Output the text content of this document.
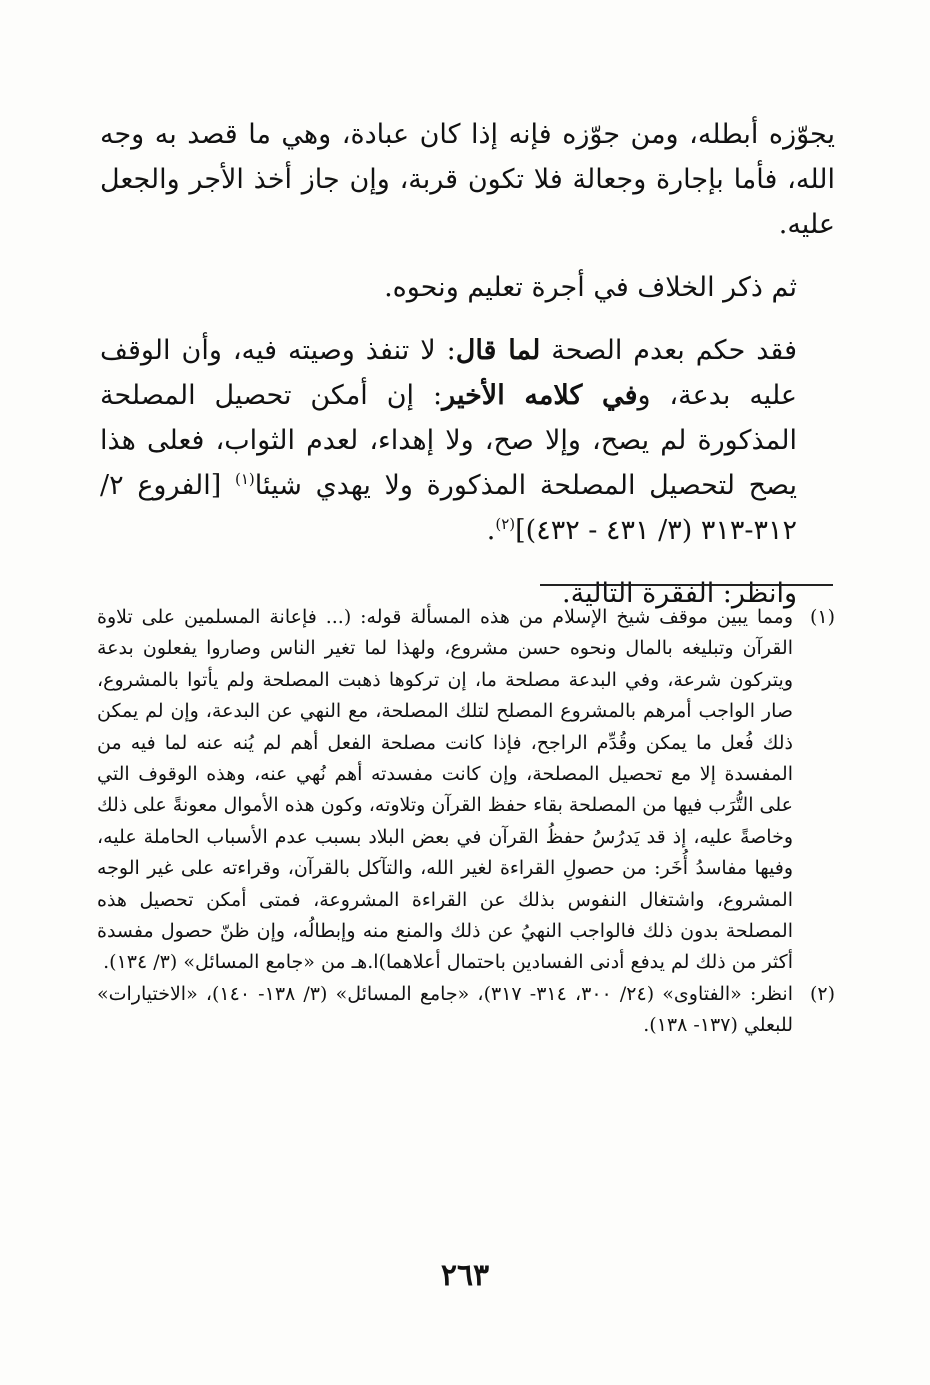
يجوّزه أبطله، ومن جوّزه فإنه إذا كان عبادة، وهي ما قصد به وجه الله، فأما بإجارة وجعالة فلا تكون قربة، وإن جاز أخذ الأجر والجعل عليه.

ثم ذكر الخلاف في أجرة تعليم ونحوه.

فقد حكم بعدم الصحة لما قال: لا تنفذ وصيته فيه، وأن الوقف عليه بدعة، وفي كلامه الأخير: إن أمكن تحصيل المصلحة المذكورة لم يصح، وإلا صح، ولا إهداء، لعدم الثواب، فعلى هذا يصح لتحصيل المصلحة المذكورة ولا يهدي شيئا$^{(١)}$ [الفروع ٢/ ٣١٢-٣١٣ (٣/ ٤٣١ - ٤٣٢)]$^{(٢)}$.

وانظر: الفقرة التالية.

(١)
ومما يبين موقف شيخ الإسلام من هذه المسألة قوله: (... فإعانة المسلمين على تلاوة القرآن وتبليغه بالمال ونحوه حسن مشروع، ولهذا لما تغير الناس وصاروا يفعلون بدعة ويتركون شرعة، وفي البدعة مصلحة ما، إن تركوها ذهبت المصلحة ولم يأتوا بالمشروع، صار الواجب أمرهم بالمشروع المصلح لتلك المصلحة، مع النهي عن البدعة، وإن لم يمكن ذلك فُعل ما يمكن وقُدِّم الراجح، فإذا كانت مصلحة الفعل أهم لم يُنه عنه لما فيه من المفسدة إلا مع تحصيل المصلحة، وإن كانت مفسدته أهم نُهي عنه، وهذه الوقوف التي على التُّرَب فيها من المصلحة بقاء حفظ القرآن وتلاوته، وكون هذه الأموال معونةً على ذلك وخاصةً عليه، إذ قد يَدرُسُ حفظُ القرآن في بعض البلاد بسبب عدم الأسباب الحاملة عليه، وفيها مفاسدُ أُخَر: من حصولِ القراءة لغير الله، والتآكل بالقرآن، وقراءته على غير الوجه المشروع، واشتغال النفوس بذلك عن القراءة المشروعة، فمتى أمكن تحصيل هذه المصلحة بدون ذلك فالواجب النهيُ عن ذلك والمنع منه وإبطالُه، وإن ظنّ حصول مفسدة أكثر من ذلك لم يدفع أدنى الفسادين باحتمال أعلاهما)ا.هـ من «جامع المسائل» (٣/ ١٣٤).
(٢)
انظر: «الفتاوى» (٢٤/ ٣٠٠، ٣١٤- ٣١٧)، «جامع المسائل» (٣/ ١٣٨- ١٤٠)، «الاختيارات» للبعلي (١٣٧- ١٣٨).
٢٦٣
